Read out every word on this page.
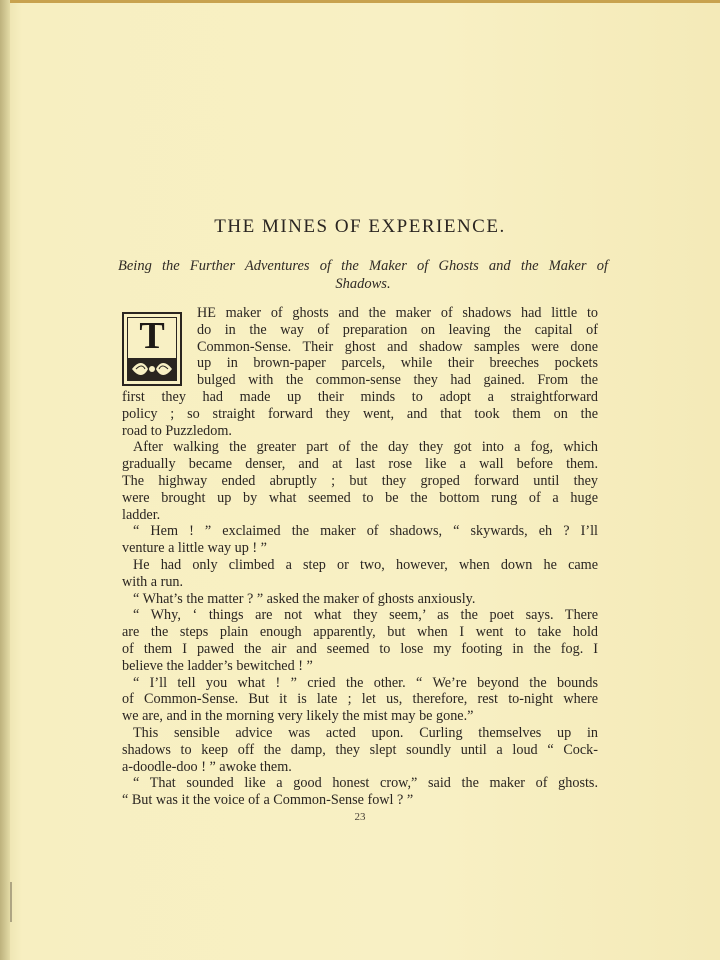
THE MINES OF EXPERIENCE.
Being the Further Adventures of the Maker of Ghosts and the Maker of
Shadows.
T
HE maker of ghosts and the maker of shadows had little to
do in the way of preparation on leaving the capital of
Common-Sense. Their ghost and shadow samples were done
up in brown-paper parcels, while their breeches pockets
bulged with the common-sense they had gained. From the
first they had made up their minds to adopt a straightforward
policy ; so straight forward they went, and that took them on the
road to Puzzledom.
After walking the greater part of the day they got into a fog, which
gradually became denser, and at last rose like a wall before them.
The highway ended abruptly ; but they groped forward until they
were brought up by what seemed to be the bottom rung of a huge
ladder.
“ Hem ! ” exclaimed the maker of shadows, “ skywards, eh ? I’ll
venture a little way up ! ”
He had only climbed a step or two, however, when down he came
with a run.
“ What’s the matter ? ” asked the maker of ghosts anxiously.
“ Why, ‘ things are not what they seem,’ as the poet says. There
are the steps plain enough apparently, but when I went to take hold
of them I pawed the air and seemed to lose my footing in the fog. I
believe the ladder’s bewitched ! ”
“ I’ll tell you what ! ” cried the other. “ We’re beyond the bounds
of Common-Sense. But it is late ; let us, therefore, rest to-night where
we are, and in the morning very likely the mist may be gone.”
This sensible advice was acted upon. Curling themselves up in
shadows to keep off the damp, they slept soundly until a loud “ Cock-
a-doodle-doo ! ” awoke them.
“ That sounded like a good honest crow,” said the maker of ghosts.
“ But was it the voice of a Common-Sense fowl ? ”
23
